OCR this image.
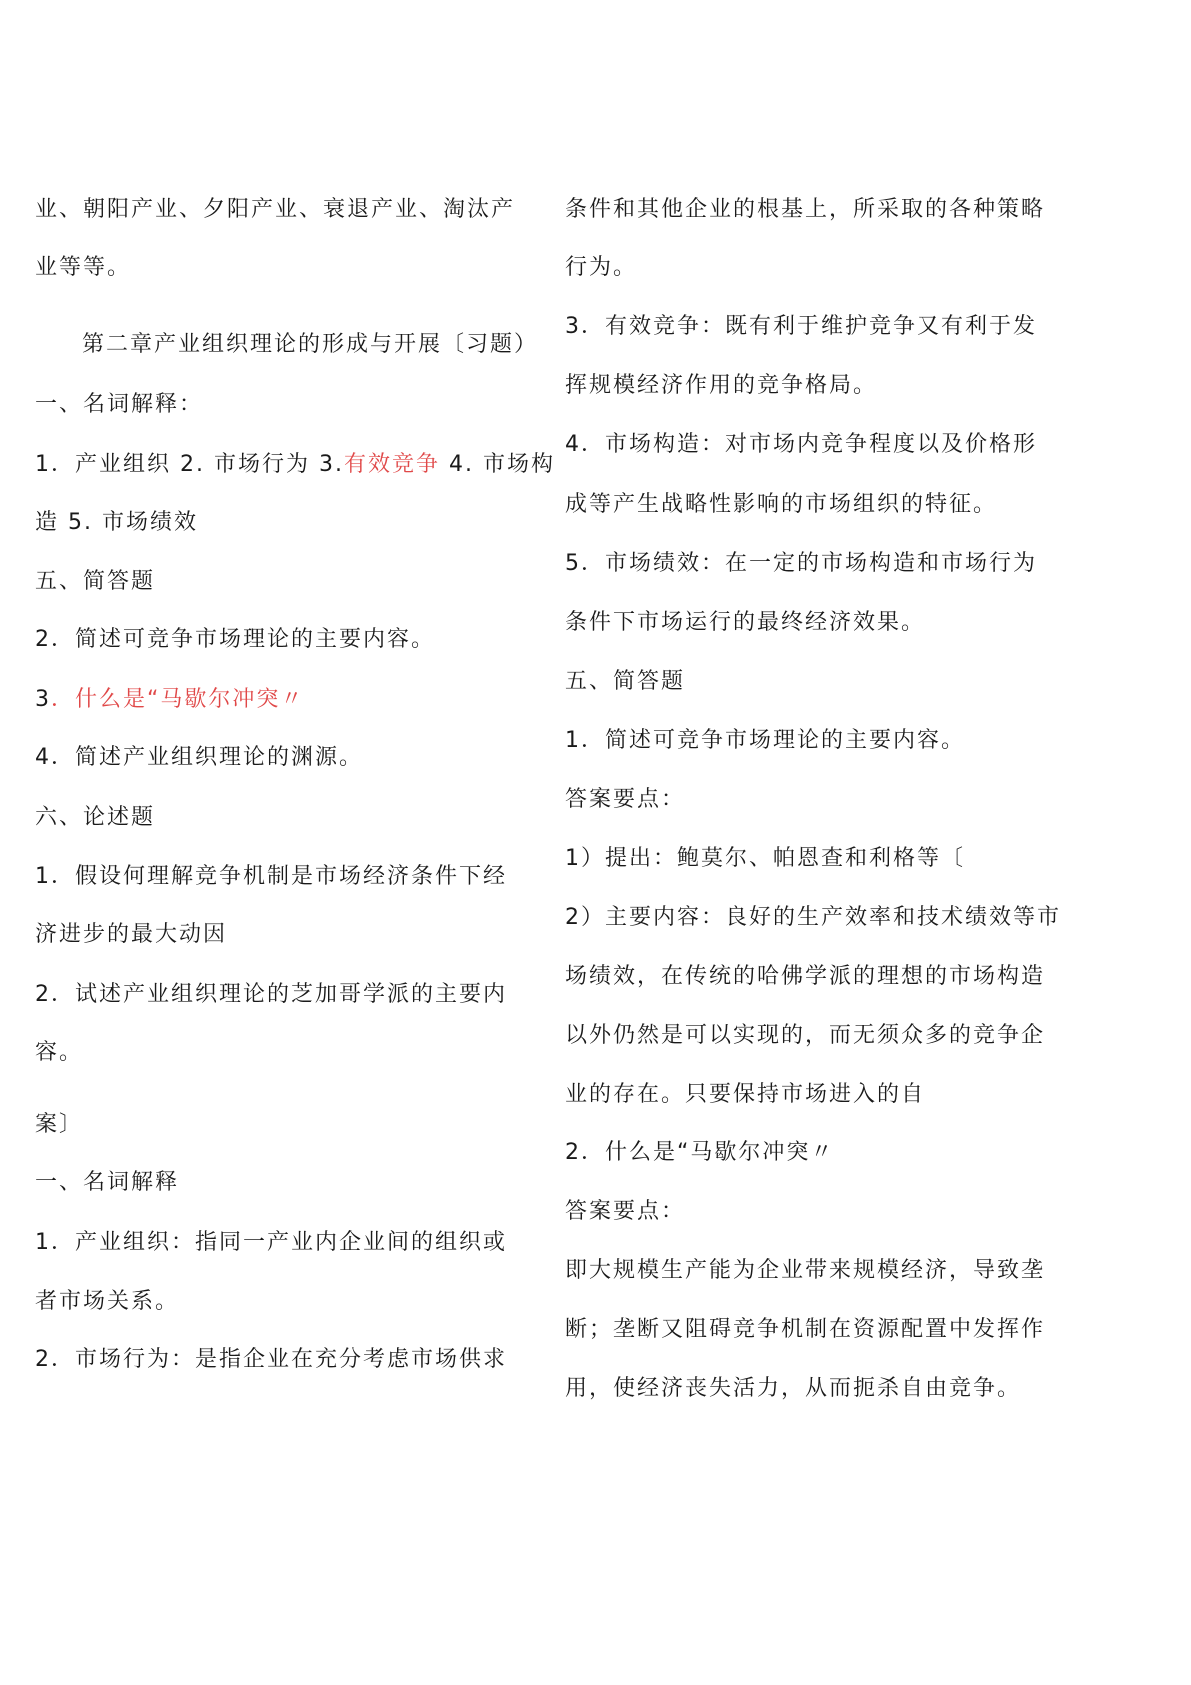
业、朝阳产业、夕阳产业、衰退产业、淘汰产
业等等。
第二章产业组织理论的形成与开展〔习题）
一、名词解释：
1．产业组织 2. 市场行为 3.有效竞争 4. 市场构
造 5. 市场绩效
五、简答题
2．简述可竞争市场理论的主要内容。
3．什么是“马歇尔冲突〃
4．简述产业组织理论的渊源。
六、论述题
1．假设何理解竞争机制是市场经济条件下经
济进步的最大动因
2．试述产业组织理论的芝加哥学派的主要内
容。
案〕
一、名词解释
1．产业组织：指同一产业内企业间的组织或
者市场关系。
2．市场行为：是指企业在充分考虑市场供求
条件和其他企业的根基上，所采取的各种策略
行为。
3．有效竞争：既有利于维护竞争又有利于发
挥规模经济作用的竞争格局。
4．市场构造：对市场内竞争程度以及价格形
成等产生战略性影响的市场组织的特征。
5．市场绩效：在一定的市场构造和市场行为
条件下市场运行的最终经济效果。
五、简答题
1．简述可竞争市场理论的主要内容。
答案要点：
1）提出：鲍莫尔、帕恩查和利格等〔
2）主要内容：良好的生产效率和技术绩效等市
场绩效，在传统的哈佛学派的理想的市场构造
以外仍然是可以实现的，而无须众多的竞争企
业的存在。只要保持市场进入的自
2．什么是“马歇尔冲突〃
答案要点：
即大规模生产能为企业带来规模经济，导致垄
断；垄断又阻碍竞争机制在资源配置中发挥作
用，使经济丧失活力，从而扼杀自由竞争。
